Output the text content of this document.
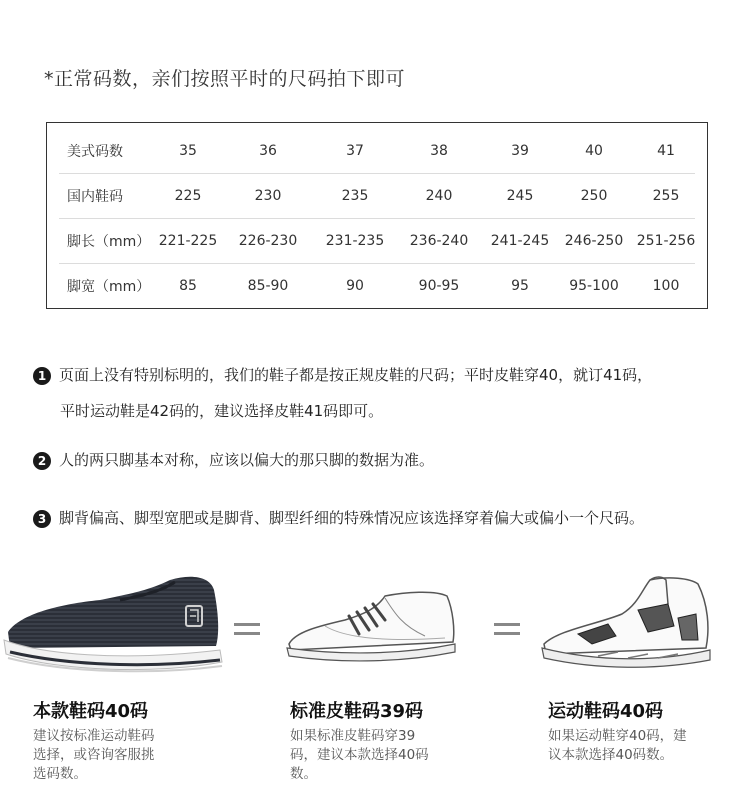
*正常码数，亲们按照平时的尺码拍下即可
美式码数	35	36	37	38	39	40	41
国内鞋码	225	230	235	240	245	250	255
脚长（mm） 221-225 226-230 231-235 236-240 241-245 246-250 251-256
脚宽（mm）	85	85-90	90	90-95	95	95-100 100
1 页面上没有特别标明的，我们的鞋子都是按正规皮鞋的尺码；平时皮鞋穿40，就订41码，
平时运动鞋是42码的，建议选择皮鞋41码即可。
2 人的两只脚基本对称，应该以偏大的那只脚的数据为准。
3 脚背偏高、脚型宽肥或是脚背、脚型纤细的特殊情况应该选择穿着偏大或偏小一个尺码。
本款鞋码40码
建议按标准运动鞋码
选择，或咨询客服挑
选码数。
标准皮鞋码39码
如果标准皮鞋码穿39
码，建议本款选择40码
数。
运动鞋码40码
如果运动鞋穿40码，建
议本款选择40码数。
